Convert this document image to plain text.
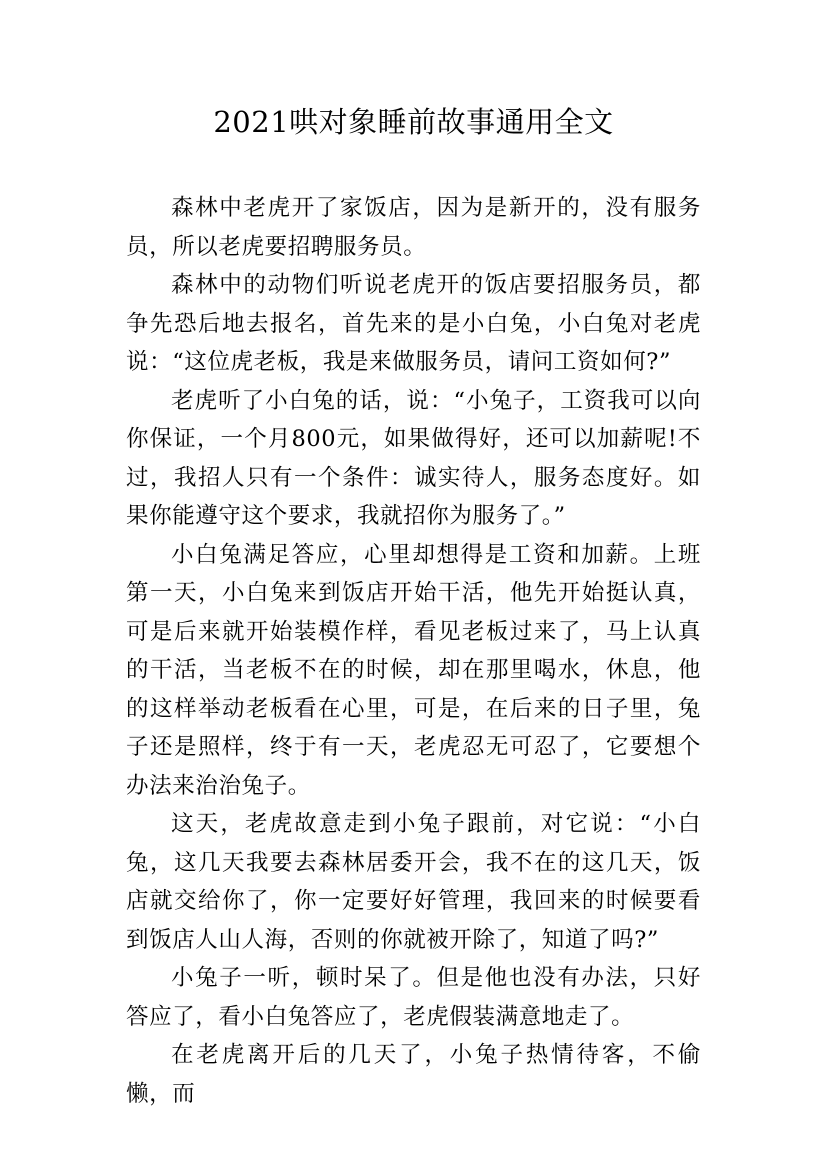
2021哄对象睡前故事通用全文

森林中老虎开了家饭店，因为是新开的，没有服务员，所以老虎要招聘服务员。

森林中的动物们听说老虎开的饭店要招服务员，都争先恐后地去报名，首先来的是小白兔，小白兔对老虎说：“这位虎老板，我是来做服务员，请问工资如何?”

老虎听了小白兔的话，说：“小兔子，工资我可以向你保证，一个月800元，如果做得好，还可以加薪呢!不过，我招人只有一个条件：诚实待人，服务态度好。如果你能遵守这个要求，我就招你为服务了。”

小白兔满足答应，心里却想得是工资和加薪。上班第一天，小白兔来到饭店开始干活，他先开始挺认真，可是后来就开始装模作样，看见老板过来了，马上认真的干活，当老板不在的时候，却在那里喝水，休息，他的这样举动老板看在心里，可是，在后来的日子里，兔子还是照样，终于有一天，老虎忍无可忍了，它要想个办法来治治兔子。

这天，老虎故意走到小兔子跟前，对它说：“小白兔，这几天我要去森林居委开会，我不在的这几天，饭店就交给你了，你一定要好好管理，我回来的时候要看到饭店人山人海，否则的你就被开除了，知道了吗?”

小兔子一听，顿时呆了。但是他也没有办法，只好答应了，看小白兔答应了，老虎假装满意地走了。

在老虎离开后的几天了，小兔子热情待客，不偷懒，而
